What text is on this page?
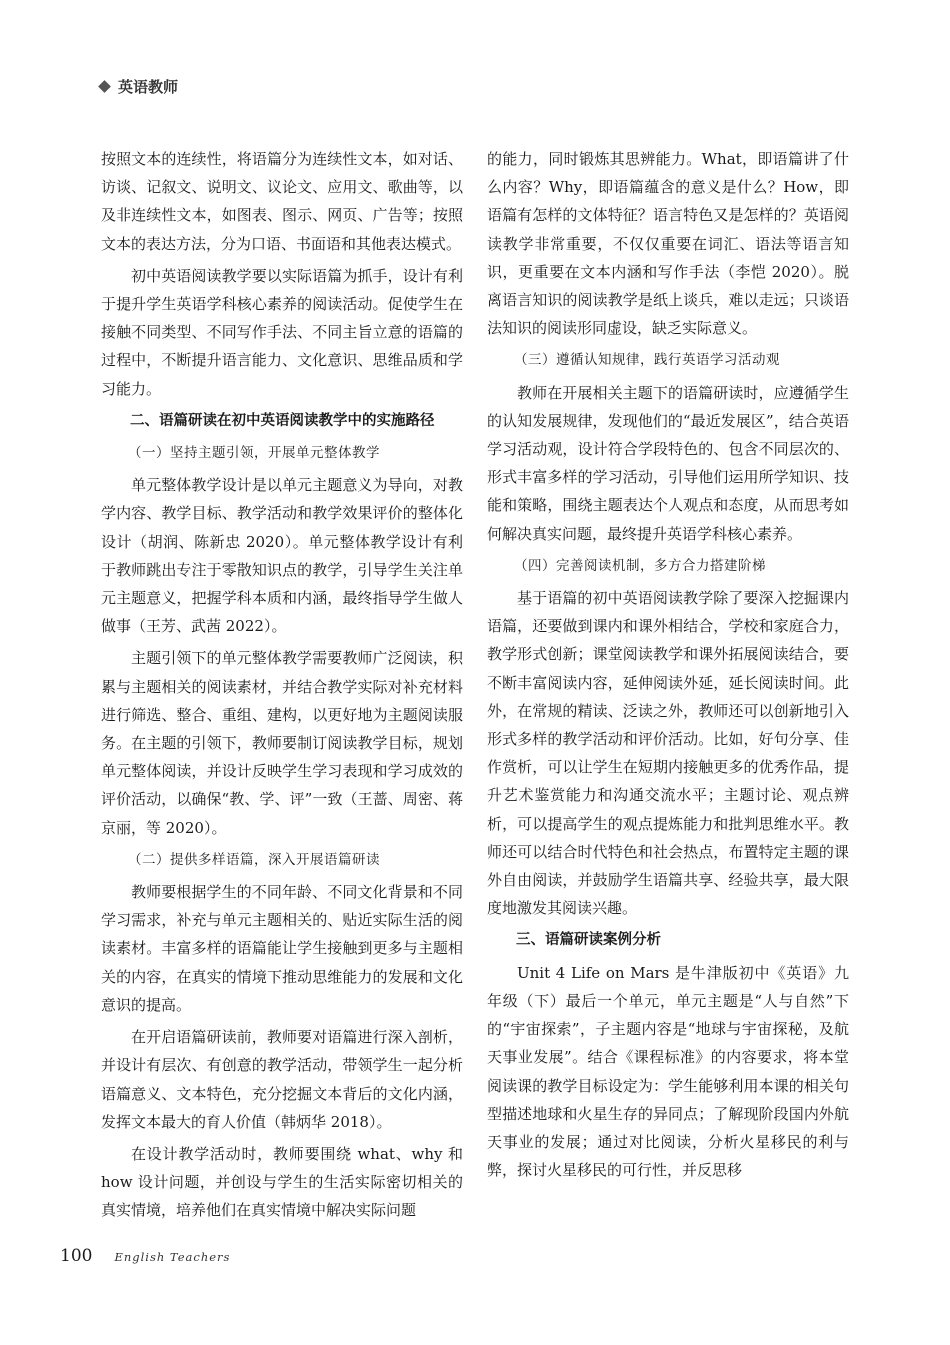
英语教师

按照文本的连续性，将语篇分为连续性文本，如对话、访谈、记叙文、说明文、议论文、应用文、歌曲等，以及非连续性文本，如图表、图示、网页、广告等；按照文本的表达方法，分为口语、书面语和其他表达模式。

初中英语阅读教学要以实际语篇为抓手，设计有利于提升学生英语学科核心素养的阅读活动。促使学生在接触不同类型、不同写作手法、不同主旨立意的语篇的过程中，不断提升语言能力、文化意识、思维品质和学习能力。

二、语篇研读在初中英语阅读教学中的实施路径

（一）坚持主题引领，开展单元整体教学

单元整体教学设计是以单元主题意义为导向，对教学内容、教学目标、教学活动和教学效果评价的整体化设计（胡润、陈新忠 2020）。单元整体教学设计有利于教师跳出专注于零散知识点的教学，引导学生关注单元主题意义，把握学科本质和内涵，最终指导学生做人做事（王芳、武茜 2022）。

主题引领下的单元整体教学需要教师广泛阅读，积累与主题相关的阅读素材，并结合教学实际对补充材料进行筛选、整合、重组、建构，以更好地为主题阅读服务。在主题的引领下，教师要制订阅读教学目标，规划单元整体阅读，并设计反映学生学习表现和学习成效的评价活动，以确保“教、学、评”一致（王蔷、周密、蒋京丽，等 2020）。

（二）提供多样语篇，深入开展语篇研读

教师要根据学生的不同年龄、不同文化背景和不同学习需求，补充与单元主题相关的、贴近实际生活的阅读素材。丰富多样的语篇能让学生接触到更多与主题相关的内容，在真实的情境下推动思维能力的发展和文化意识的提高。

在开启语篇研读前，教师要对语篇进行深入剖析，并设计有层次、有创意的教学活动，带领学生一起分析语篇意义、文本特色，充分挖掘文本背后的文化内涵，发挥文本最大的育人价值（韩炳华 2018）。

在设计教学活动时，教师要围绕 what、why 和 how 设计问题，并创设与学生的生活实际密切相关的真实情境，培养他们在真实情境中解决实际问题

的能力，同时锻炼其思辨能力。What，即语篇讲了什么内容？Why，即语篇蕴含的意义是什么？How，即语篇有怎样的文体特征？语言特色又是怎样的？英语阅读教学非常重要，不仅仅重要在词汇、语法等语言知识，更重要在文本内涵和写作手法（李恺 2020）。脱离语言知识的阅读教学是纸上谈兵，难以走远；只谈语法知识的阅读形同虚设，缺乏实际意义。

（三）遵循认知规律，践行英语学习活动观

教师在开展相关主题下的语篇研读时，应遵循学生的认知发展规律，发现他们的“最近发展区”，结合英语学习活动观，设计符合学段特色的、包含不同层次的、形式丰富多样的学习活动，引导他们运用所学知识、技能和策略，围绕主题表达个人观点和态度，从而思考如何解决真实问题，最终提升英语学科核心素养。

（四）完善阅读机制，多方合力搭建阶梯

基于语篇的初中英语阅读教学除了要深入挖掘课内语篇，还要做到课内和课外相结合，学校和家庭合力，教学形式创新；课堂阅读教学和课外拓展阅读结合，要不断丰富阅读内容，延伸阅读外延，延长阅读时间。此外，在常规的精读、泛读之外，教师还可以创新地引入形式多样的教学活动和评价活动。比如，好句分享、佳作赏析，可以让学生在短期内接触更多的优秀作品，提升艺术鉴赏能力和沟通交流水平；主题讨论、观点辨析，可以提高学生的观点提炼能力和批判思维水平。教师还可以结合时代特色和社会热点，布置特定主题的课外自由阅读，并鼓励学生语篇共享、经验共享，最大限度地激发其阅读兴趣。

三、语篇研读案例分析

Unit 4 Life on Mars 是牛津版初中《英语》九年级（下）最后一个单元，单元主题是“人与自然”下的“宇宙探索”，子主题内容是“地球与宇宙探秘，及航天事业发展”。结合《课程标准》的内容要求，将本堂阅读课的教学目标设定为：学生能够利用本课的相关句型描述地球和火星生存的异同点；了解现阶段国内外航天事业的发展；通过对比阅读，分析火星移民的利与弊，探讨火星移民的可行性，并反思移

100 English Teachers
